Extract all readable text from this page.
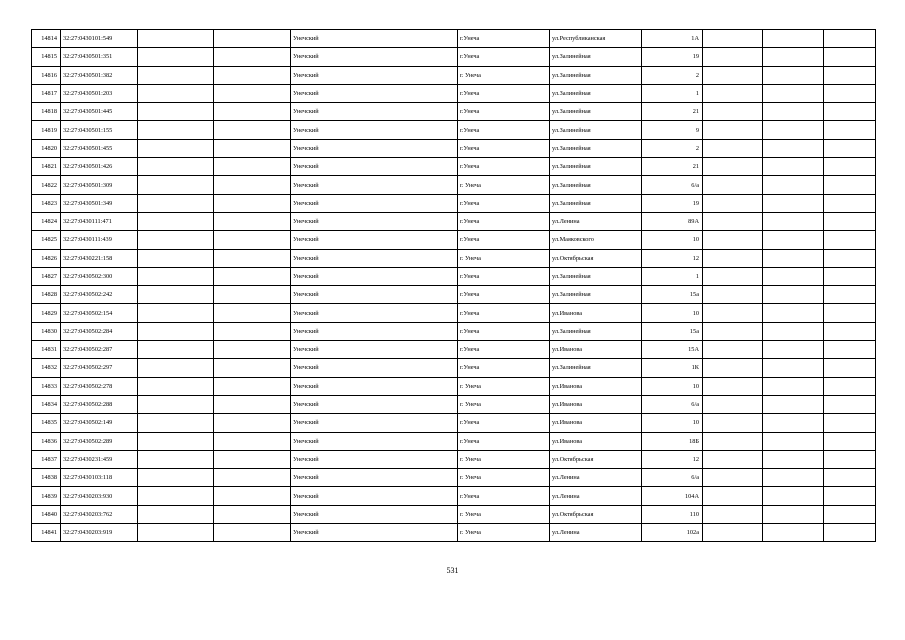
14814	32:27:0430101:549			Унечский	г.Унеча	ул.Республиканская	1А			
14815	32:27:0430501:351			Унечский	г.Унеча	ул.Залинейная	19			
14816	32:27:0430501:382			Унечский	г. Унеча	ул.Залинейная	2			
14817	32:27:0430501:203			Унечский	г.Унеча	ул.Залинейная	1			
14818	32:27:0430501:445			Унечский	г.Унеча	ул.Залинейная	21			
14819	32:27:0430501:155			Унечский	г.Унеча	ул.Залинейная	9			
14820	32:27:0430501:455			Унечский	г.Унеча	ул.Залинейная	2			
14821	32:27:0430501:426			Унечский	г.Унеча	ул.Залинейная	21			
14822	32:27:0430501:309			Унечский	г. Унеча	ул.Залинейная	6/а			
14823	32:27:0430501:349			Унечский	г.Унеча	ул.Залинейная	19			
14824	32:27:0430111:471			Унечский	г.Унеча	ул.Ленина	89А			
14825	32:27:0430111:439			Унечский	г.Унеча	ул.Маяковского	10			
14826	32:27:0430221:158			Унечский	г. Унеча	ул.Октябрьская	12			
14827	32:27:0430502:300			Унечский	г.Унеча	ул.Залинейная	1			
14828	32:27:0430502:242			Унечский	г.Унеча	ул.Залинейная	15а			
14829	32:27:0430502:154			Унечский	г.Унеча	ул.Иванова	10			
14830	32:27:0430502:284			Унечский	г.Унеча	ул.Залинейная	15а			
14831	32:27:0430502:287			Унечский	г.Унеча	ул.Иванова	15А			
14832	32:27:0430502:297			Унечский	г.Унеча	ул.Залинейная	1К			
14833	32:27:0430502:278			Унечский	г. Унеча	ул.Иванова	10			
14834	32:27:0430502:288			Унечский	г. Унеча	ул.Иванова	6/а			
14835	32:27:0430502:149			Унечский	г.Унеча	ул.Иванова	10			
14836	32:27:0430502:289			Унечский	г.Унеча	ул.Иванова	18Б			
14837	32:27:0430231:459			Унечский	г. Унеча	ул.Октябрьская	12			
14838	32:27:0430103:118			Унечский	г. Унеча	ул.Ленина	6/а			
14839	32:27:0430203:930			Унечский	г.Унеча	ул.Ленина	104А			
14840	32:27:0430203:762			Унечский	г. Унеча	ул.Октябрьская	110			
14841	32:27:0430203:919			Унечский	г. Унеча	ул.Ленина	102а			
531
